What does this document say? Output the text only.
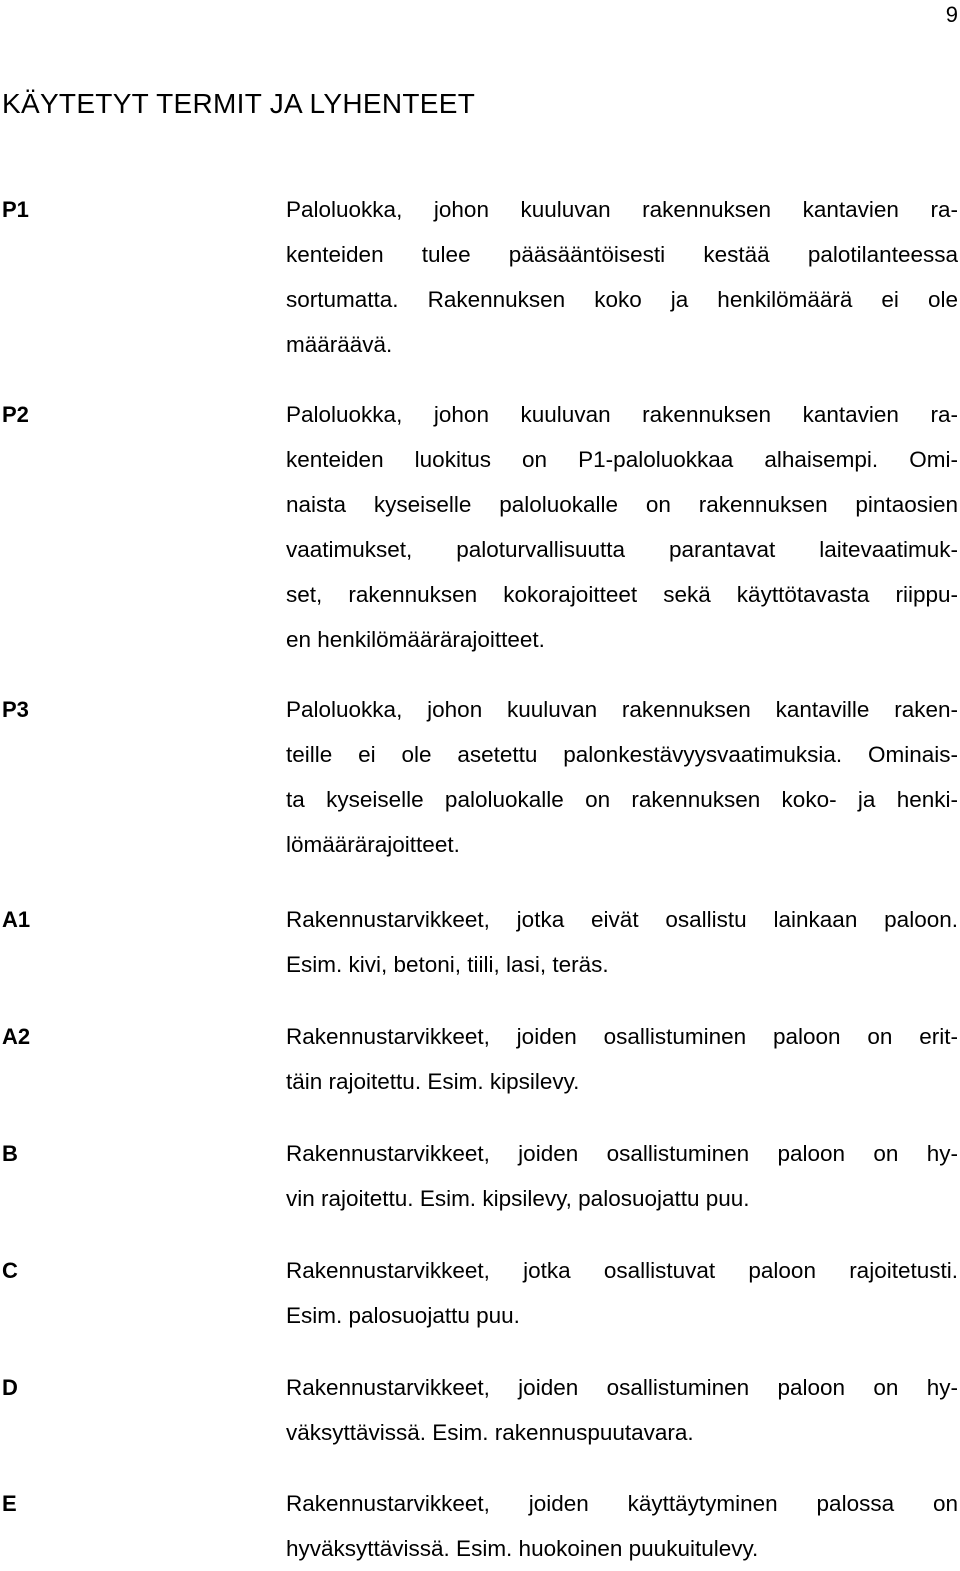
9
KÄYTETYT TERMIT JA LYHENTEET
P1	Paloluokka, johon kuuluvan rakennuksen kantavien ra-
kenteiden tulee pääsääntöisesti kestää palotilanteessa
sortumatta. Rakennuksen koko ja henkilömäärä ei ole
määräävä.
P2	Paloluokka, johon kuuluvan rakennuksen kantavien ra-
kenteiden luokitus on P1-paloluokkaa alhaisempi. Omi-
naista kyseiselle paloluokalle on rakennuksen pintaosien
vaatimukset, paloturvallisuutta parantavat laitevaatimuk-
set, rakennuksen kokorajoitteet sekä käyttötavasta riippu-
en henkilömäärärajoitteet.
P3	Paloluokka, johon kuuluvan rakennuksen kantaville raken-
teille ei ole asetettu palonkestävyysvaatimuksia. Ominais-
ta kyseiselle paloluokalle on rakennuksen koko- ja henki-
lömäärärajoitteet.
A1	Rakennustarvikkeet, jotka eivät osallistu lainkaan paloon.
Esim. kivi, betoni, tiili, lasi, teräs.
A2	Rakennustarvikkeet, joiden osallistuminen paloon on erit-
täin rajoitettu. Esim. kipsilevy.
B	Rakennustarvikkeet, joiden osallistuminen paloon on hy-
vin rajoitettu. Esim. kipsilevy, palosuojattu puu.
C	Rakennustarvikkeet, jotka osallistuvat paloon rajoitetusti.
Esim. palosuojattu puu.
D	Rakennustarvikkeet, joiden osallistuminen paloon on hy-
väksyttävissä. Esim. rakennuspuutavara.
E	Rakennustarvikkeet, joiden käyttäytyminen palossa on
hyväksyttävissä. Esim. huokoinen puukuitulevy.
